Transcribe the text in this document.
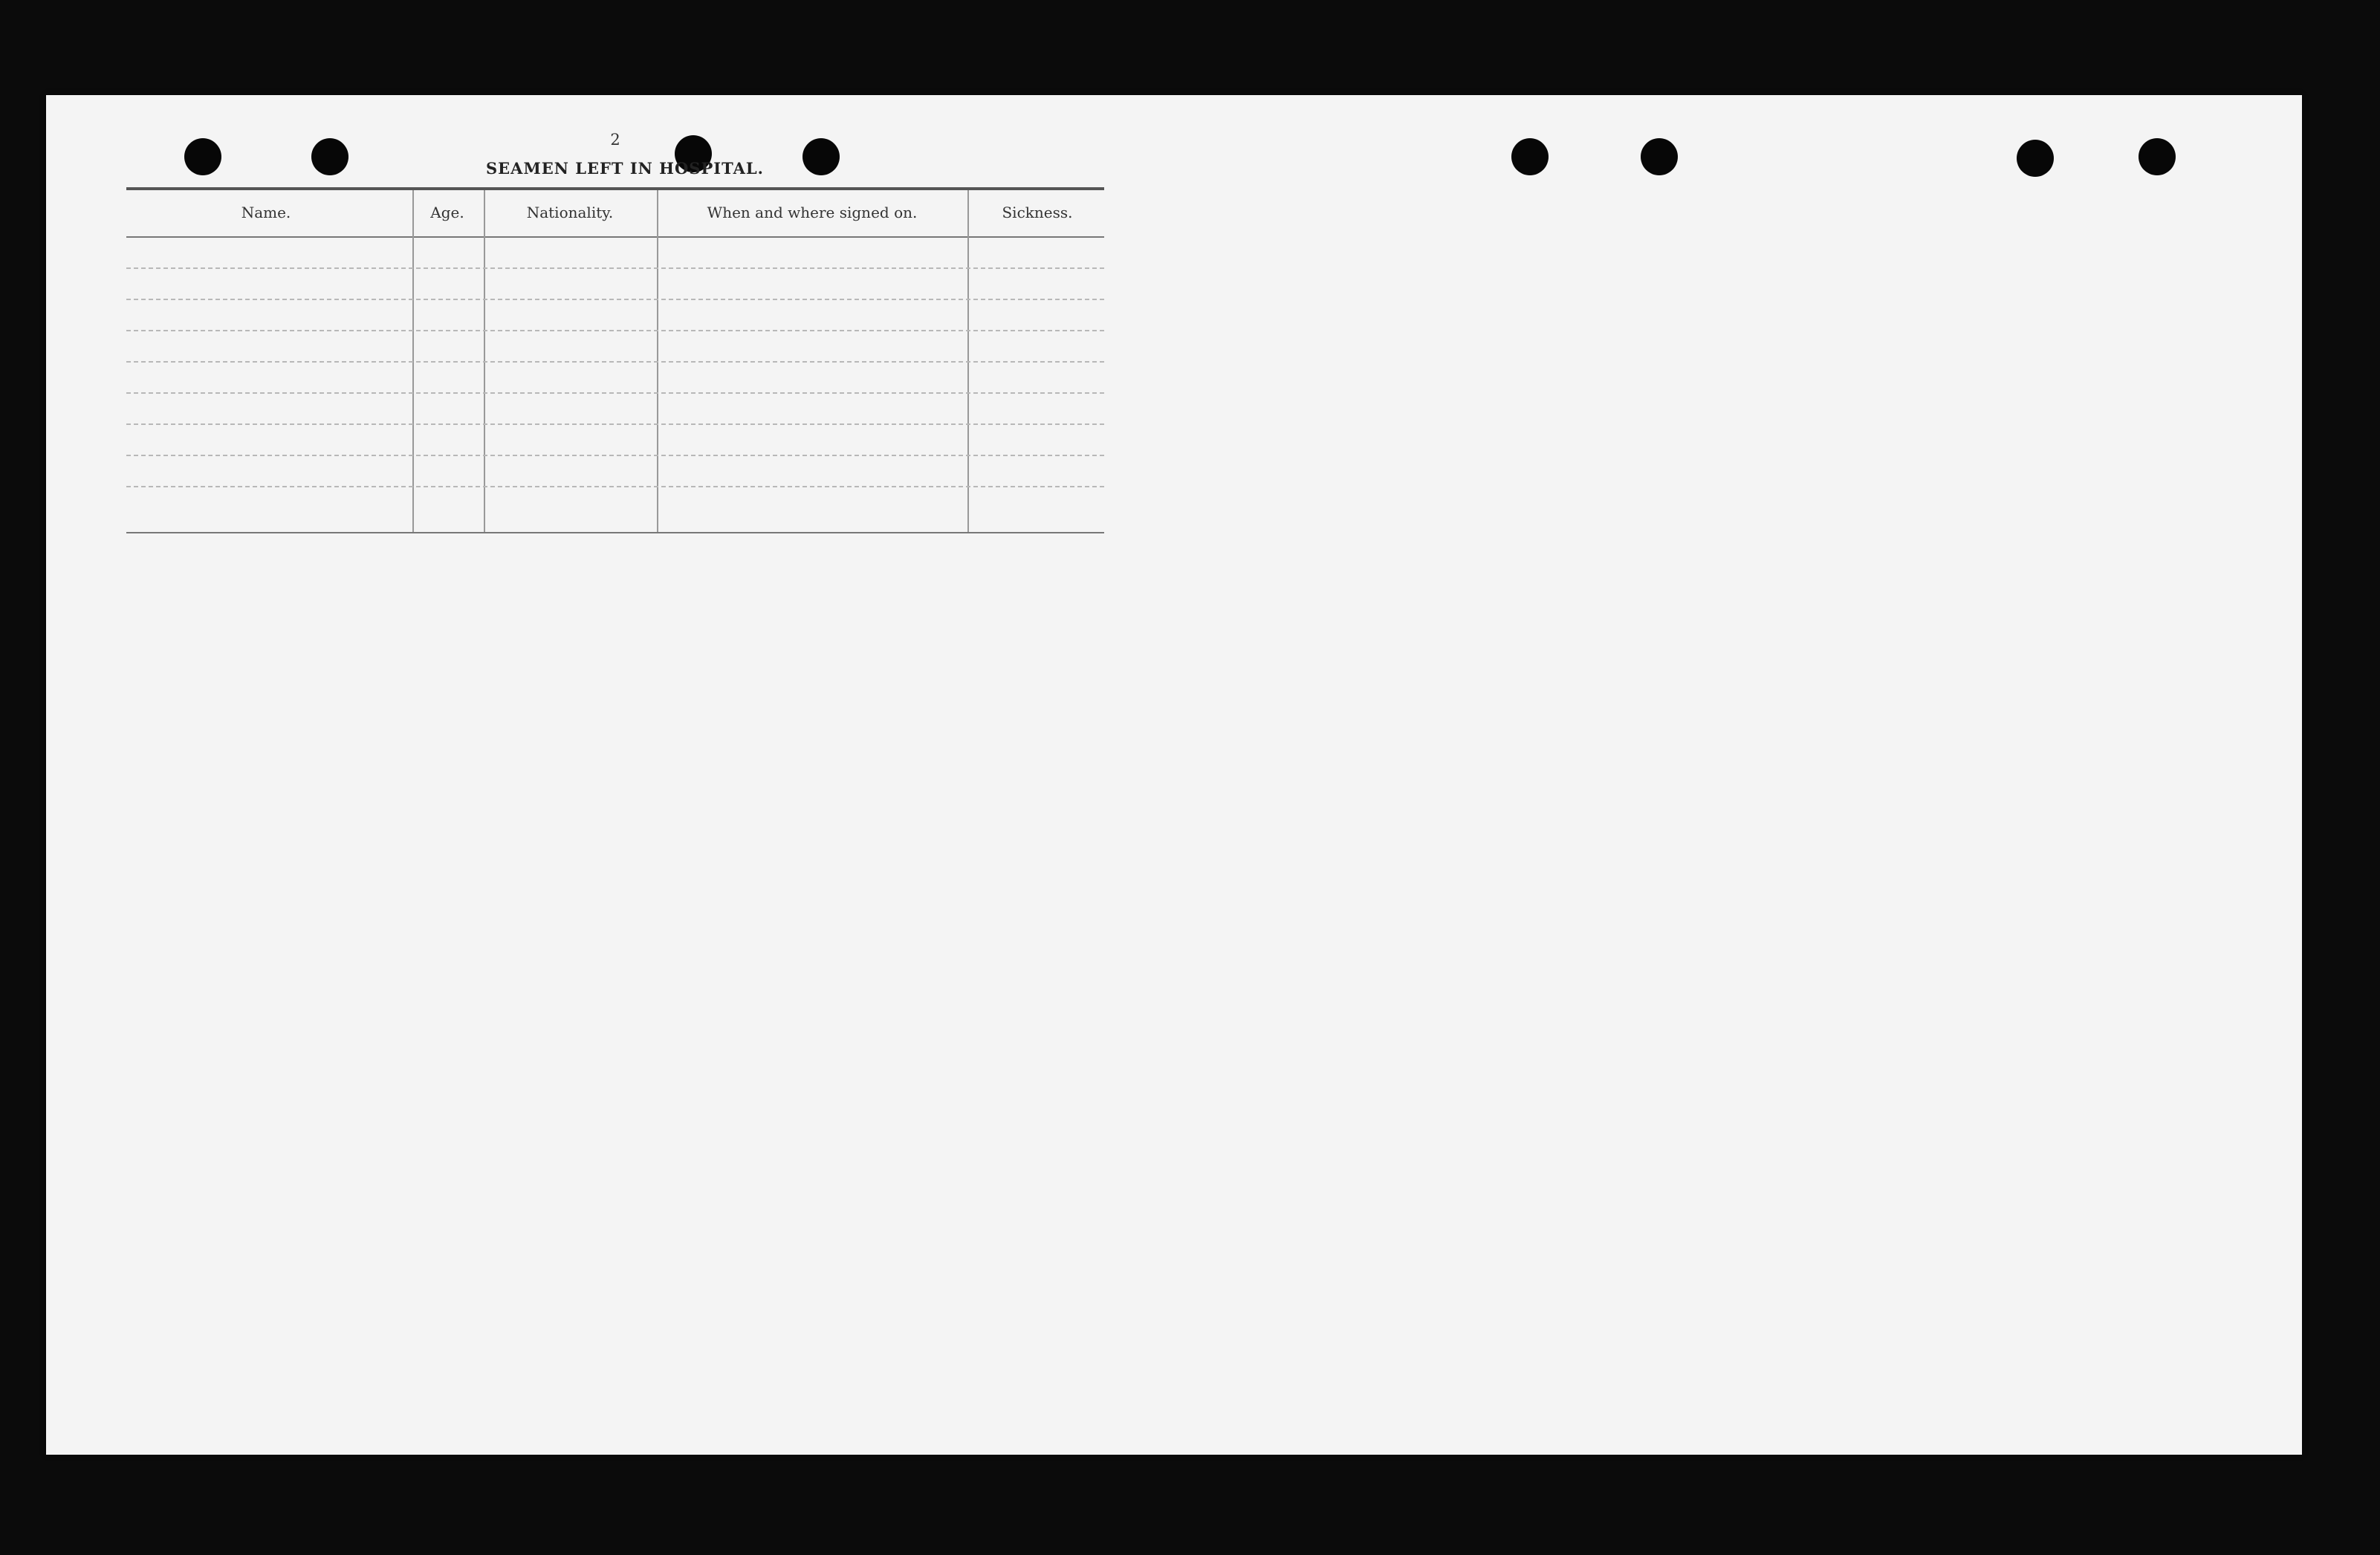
2
SEAMEN LEFT IN HOSPITAL.
Name.	Age.	Nationality.	When and where signed on.	Sickness.
